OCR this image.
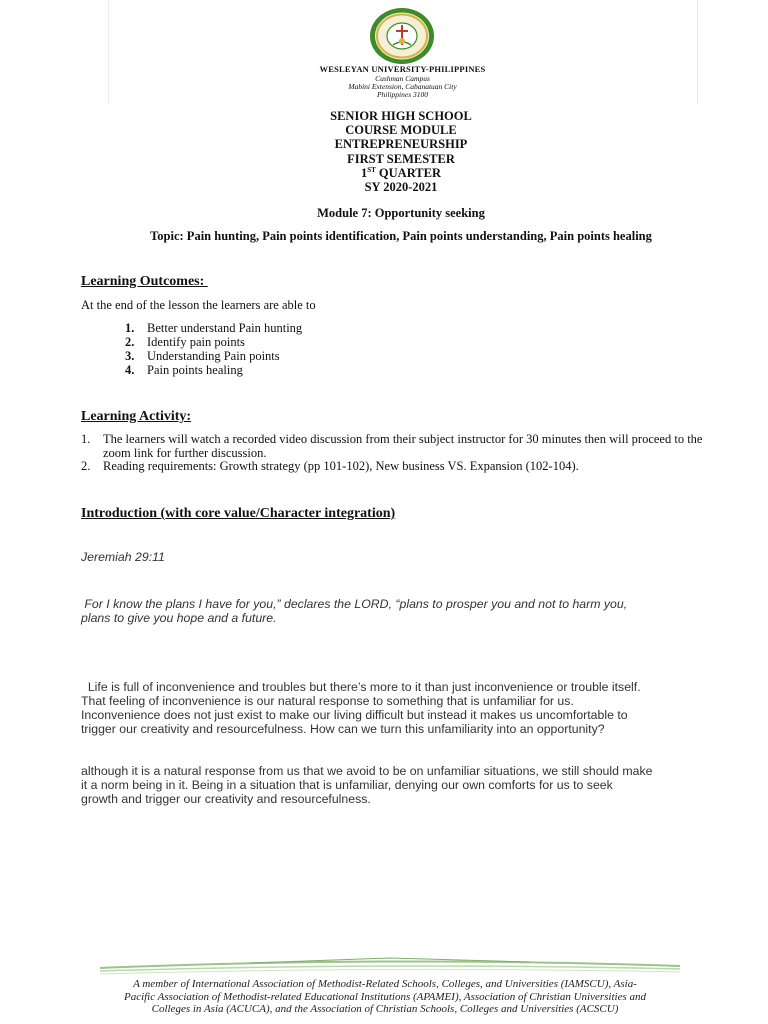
WESLEYAN UNIVERSITY-PHILIPPINES
Cushman Campus
Mabini Extension, Cabanatuan City
Philippines 3100
SENIOR HIGH SCHOOL
COURSE MODULE
ENTREPRENEURSHIP
FIRST SEMESTER
1ST QUARTER
SY 2020-2021
Module 7: Opportunity seeking
Topic: Pain hunting, Pain points identification, Pain points understanding, Pain points healing
Learning Outcomes:
At the end of the lesson the learners are able to
1. Better understand Pain hunting
2. Identify pain points
3. Understanding Pain points
4. Pain points healing
Learning Activity:
1. The learners will watch a recorded video discussion from their subject instructor for 30 minutes then will proceed to the zoom link for further discussion.
2. Reading requirements: Growth strategy (pp 101-102), New business VS. Expansion (102-104).
Introduction (with core value/Character integration)
Jeremiah 29:11
For I know the plans I have for you,” declares the LORD, “plans to prosper you and not to harm you,
plans to give you hope and a future.
Life is full of inconvenience and troubles but there’s more to it than just inconvenience or trouble itself.
That feeling of inconvenience is our natural response to something that is unfamiliar for us.
Inconvenience does not just exist to make our living difficult but instead it makes us uncomfortable to
trigger our creativity and resourcefulness. How can we turn this unfamiliarity into an opportunity?
although it is a natural response from us that we avoid to be on unfamiliar situations, we still should make
it a norm being in it. Being in a situation that is unfamiliar, denying our own comforts for us to seek
growth and trigger our creativity and resourcefulness.
A member of International Association of Methodist-Related Schools, Colleges, and Universities (IAMSCU), Asia-
Pacific Association of Methodist-related Educational Institutions (APAMEI), Association of Christian Universities and
Colleges in Asia (ACUCA), and the Association of Christian Schools, Colleges and Universities (ACSCU)
